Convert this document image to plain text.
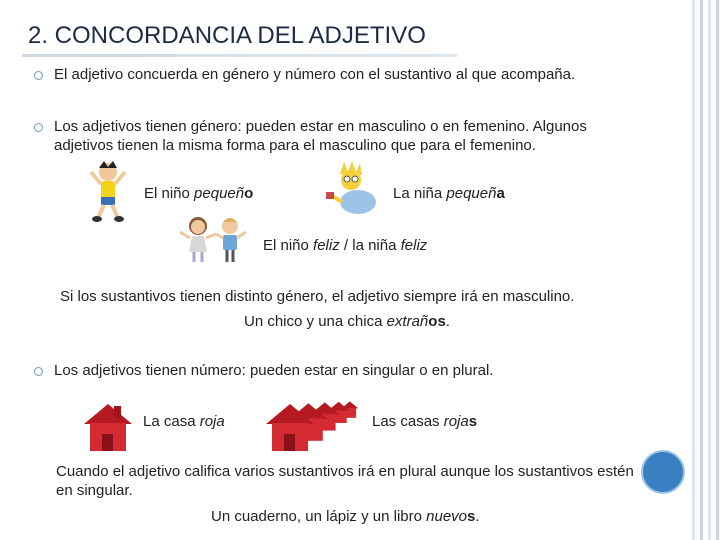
2. CONCORDANCIA DEL ADJETIVO
El adjetivo concuerda en género y número con el sustantivo al que acompaña.
Los adjetivos tienen género: pueden estar en masculino o en femenino. Algunos
adjetivos tienen la misma forma para el masculino que para el femenino.
El niño pequeño	La niña pequeña
El niño feliz / la niña feliz
Si los sustantivos tienen distinto género, el adjetivo siempre irá en masculino.
Un chico y una chica extraños.
Los adjetivos tienen número: pueden estar en singular o en plural.
La casa roja	Las casas rojas
Cuando el adjetivo califica varios sustantivos irá en plural aunque los sustantivos estén
en singular.
Un cuaderno, un lápiz y un libro nuevos.
